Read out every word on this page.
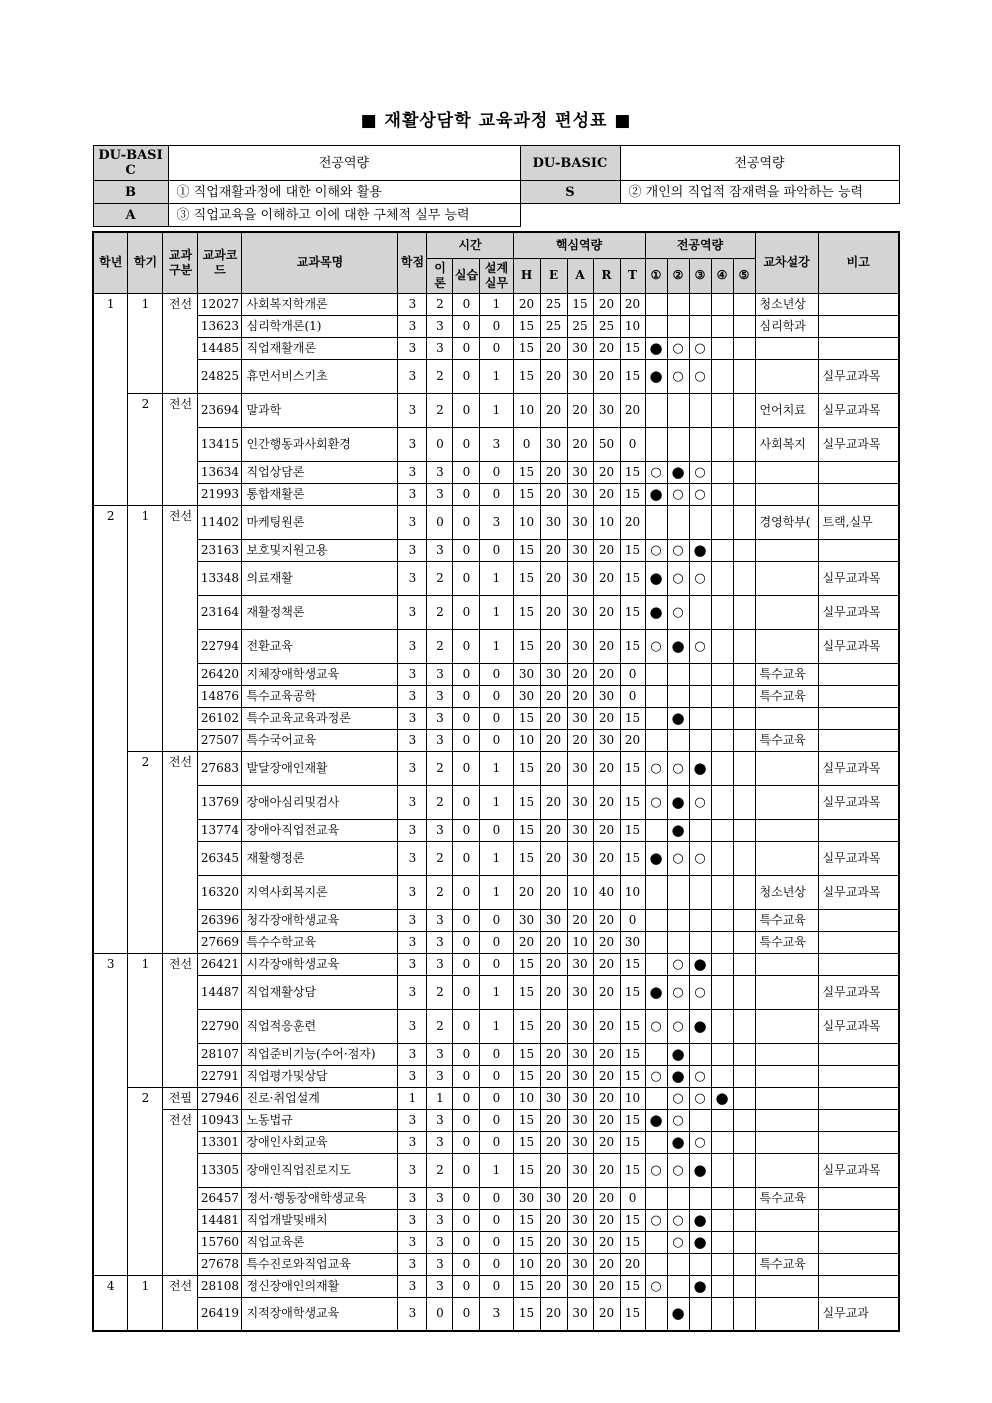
■ 재활상담학 교육과정 편성표 ■
DU-BASIC	전공역량	DU-BASIC	전공역량
B	① 직업재활과정에 대한 이해와 활용	S	② 개인의 직업적 잠재력을 파악하는 능력
A	③ 직업교육을 이해하고 이에 대한 구체적 실무 능력		
학년	학기	교과구분	교과코드	교과목명	학점	시간			핵심역량					전공역량					교차설강	비고
						이론	실습	설계실무	H	E	A	R	T	①	②	③	④	⑤		
1	1	전선	12027	사회복지학개론	3	2	0	1	20	25	15	20	20						청소년상	
			13623	심리학개론(1)	3	3	0	0	15	25	25	25	10						심리학과	
			14485	직업재활개론	3	3	0	0	15	20	30	20	15	●	○	○				
			24825	휴먼서비스기초	3	2	0	1	15	20	30	20	15	●	○	○				실무교과목
	2	전선	23694	말과학	3	2	0	1	10	20	20	30	20						언어치료	실무교과목
			13415	인간행동과사회환경	3	0	0	3	0	30	20	50	0						사회복지	실무교과목
			13634	직업상담론	3	3	0	0	15	20	30	20	15	○	●	○				
			21993	통합재활론	3	3	0	0	15	20	30	20	15	●	○	○				
2	1	전선	11402	마케팅원론	3	0	0	3	10	30	30	10	20						경영학부(	트랙,실무
			23163	보호및지원고용	3	3	0	0	15	20	30	20	15	○	○	●				
			13348	의료재활	3	2	0	1	15	20	30	20	15	●	○	○				실무교과목
			23164	재활정책론	3	2	0	1	15	20	30	20	15	●	○					실무교과목
			22794	전환교육	3	2	0	1	15	20	30	20	15	○	●	○				실무교과목
			26420	지체장애학생교육	3	3	0	0	30	30	20	20	0						특수교육	
			14876	특수교육공학	3	3	0	0	30	20	20	30	0						특수교육	
			26102	특수교육교육과정론	3	3	0	0	15	20	30	20	15		●					
			27507	특수국어교육	3	3	0	0	10	20	20	30	20						특수교육	
	2	전선	27683	발달장애인재활	3	2	0	1	15	20	30	20	15	○	○	●				실무교과목
			13769	장애아심리및검사	3	2	0	1	15	20	30	20	15	○	●	○				실무교과목
			13774	장애아직업전교육	3	3	0	0	15	20	30	20	15		●					
			26345	재활행정론	3	2	0	1	15	20	30	20	15	●	○	○				실무교과목
			16320	지역사회복지론	3	2	0	1	20	20	10	40	10						청소년상	실무교과목
			26396	청각장애학생교육	3	3	0	0	30	30	20	20	0						특수교육	
			27669	특수수학교육	3	3	0	0	20	20	10	20	30						특수교육	
3	1	전선	26421	시각장애학생교육	3	3	0	0	15	20	30	20	15		○	●				
			14487	직업재활상담	3	2	0	1	15	20	30	20	15	●	○	○				실무교과목
			22790	직업적응훈련	3	2	0	1	15	20	30	20	15	○	○	●				실무교과목
			28107	직업준비기능(수어·점자)	3	3	0	0	15	20	30	20	15		●					
			22791	직업평가및상담	3	3	0	0	15	20	30	20	15	○	●	○				
	2	전필	27946	진로·취업설계	1	1	0	0	10	30	30	20	10		○	○	●			
		전선	10943	노동법규	3	3	0	0	15	20	30	20	15	●	○					
			13301	장애인사회교육	3	3	0	0	15	20	30	20	15		●	○				
			13305	장애인직업진로지도	3	2	0	1	15	20	30	20	15	○	○	●				실무교과목
			26457	정서·행동장애학생교육	3	3	0	0	30	30	20	20	0						특수교육	
			14481	직업개발및배치	3	3	0	0	15	20	30	20	15	○	○	●				
			15760	직업교육론	3	3	0	0	15	20	30	20	15		○	●				
			27678	특수진로와직업교육	3	3	0	0	10	20	30	20	20						특수교육	
4	1	전선	28108	정신장애인의재활	3	3	0	0	15	20	30	20	15	○		●				
			26419	지적장애학생교육	3	0	0	3	15	20	30	20	15		●					실무교과
